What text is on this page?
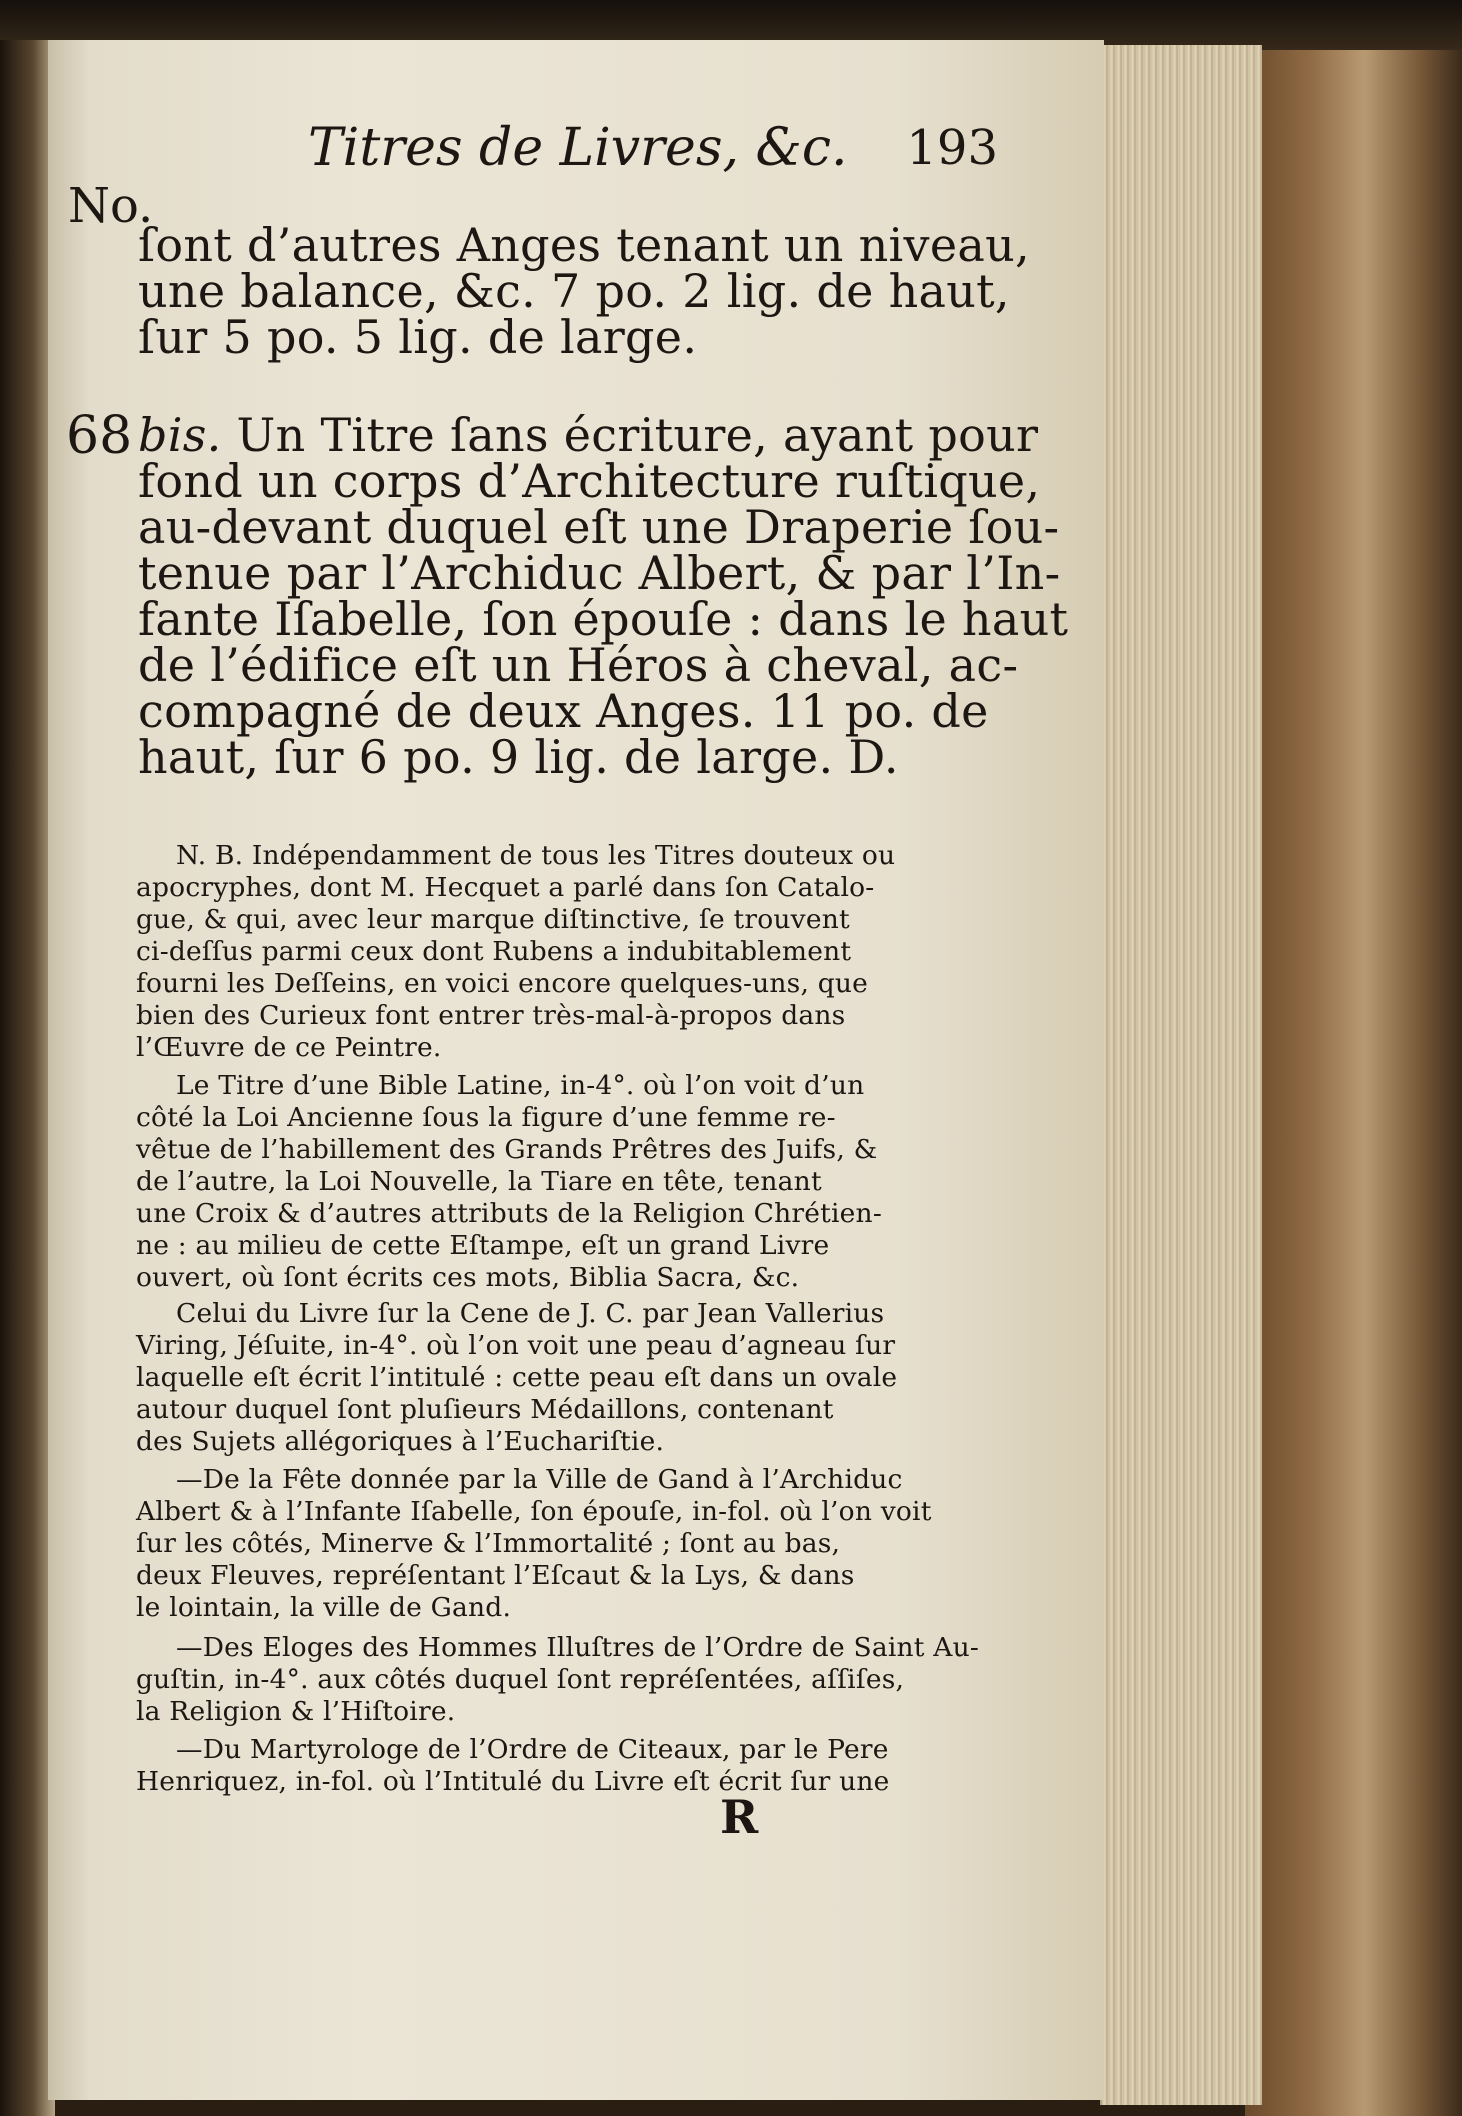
Titres de Livres, &c. 193
No.
ſont d’autres Anges tenant un niveau,
une balance, &c. 7 po. 2 lig. de haut,
ſur 5 po. 5 lig. de large.
68 bis. Un Titre ſans écriture, ayant pour
fond un corps d’Architecture ruſtique,
au-devant duquel eſt une Draperie ſou-
tenue par l’Archiduc Albert, & par l’In-
fante Iſabelle, ſon épouſe : dans le haut
de l’édifice eſt un Héros à cheval, ac-
compagné de deux Anges. 11 po. de
haut, ſur 6 po. 9 lig. de large. D.
N. B. Indépendamment de tous les Titres douteux ou
apocryphes, dont M. Hecquet a parlé dans ſon Catalo-
gue, & qui, avec leur marque diſtinctive, ſe trouvent
ci-deſſus parmi ceux dont Rubens a indubitablement
fourni les Deſſeins, en voici encore quelques-uns, que
bien des Curieux font entrer très-mal-à-propos dans
l’Œuvre de ce Peintre.
Le Titre d’une Bible Latine, in-4°. où l’on voit d’un
côté la Loi Ancienne ſous la figure d’une femme re-
vêtue de l’habillement des Grands Prêtres des Juifs, &
de l’autre, la Loi Nouvelle, la Tiare en tête, tenant
une Croix & d’autres attributs de la Religion Chrétien-
ne : au milieu de cette Eſtampe, eſt un grand Livre
ouvert, où ſont écrits ces mots, Biblia Sacra, &c.
Celui du Livre ſur la Cene de J. C. par Jean Vallerius
Viring, Jéſuite, in-4°. où l’on voit une peau d’agneau ſur
laquelle eſt écrit l’intitulé : cette peau eſt dans un ovale
autour duquel ſont pluſieurs Médaillons, contenant
des Sujets allégoriques à l’Euchariſtie.
—De la Fête donnée par la Ville de Gand à l’Archiduc
Albert & à l’Infante Iſabelle, ſon épouſe, in-fol. où l’on voit
ſur les côtés, Minerve & l’Immortalité ; ſont au bas,
deux Fleuves, repréſentant l’Eſcaut & la Lys, & dans
le lointain, la ville de Gand.
—Des Eloges des Hommes Illuſtres de l’Ordre de Saint Au-
guſtin, in-4°. aux côtés duquel ſont repréſentées, aſſiſes,
la Religion & l’Hiſtoire.
—Du Martyrologe de l’Ordre de Citeaux, par le Pere
Henriquez, in-fol. où l’Intitulé du Livre eſt écrit ſur une
R
